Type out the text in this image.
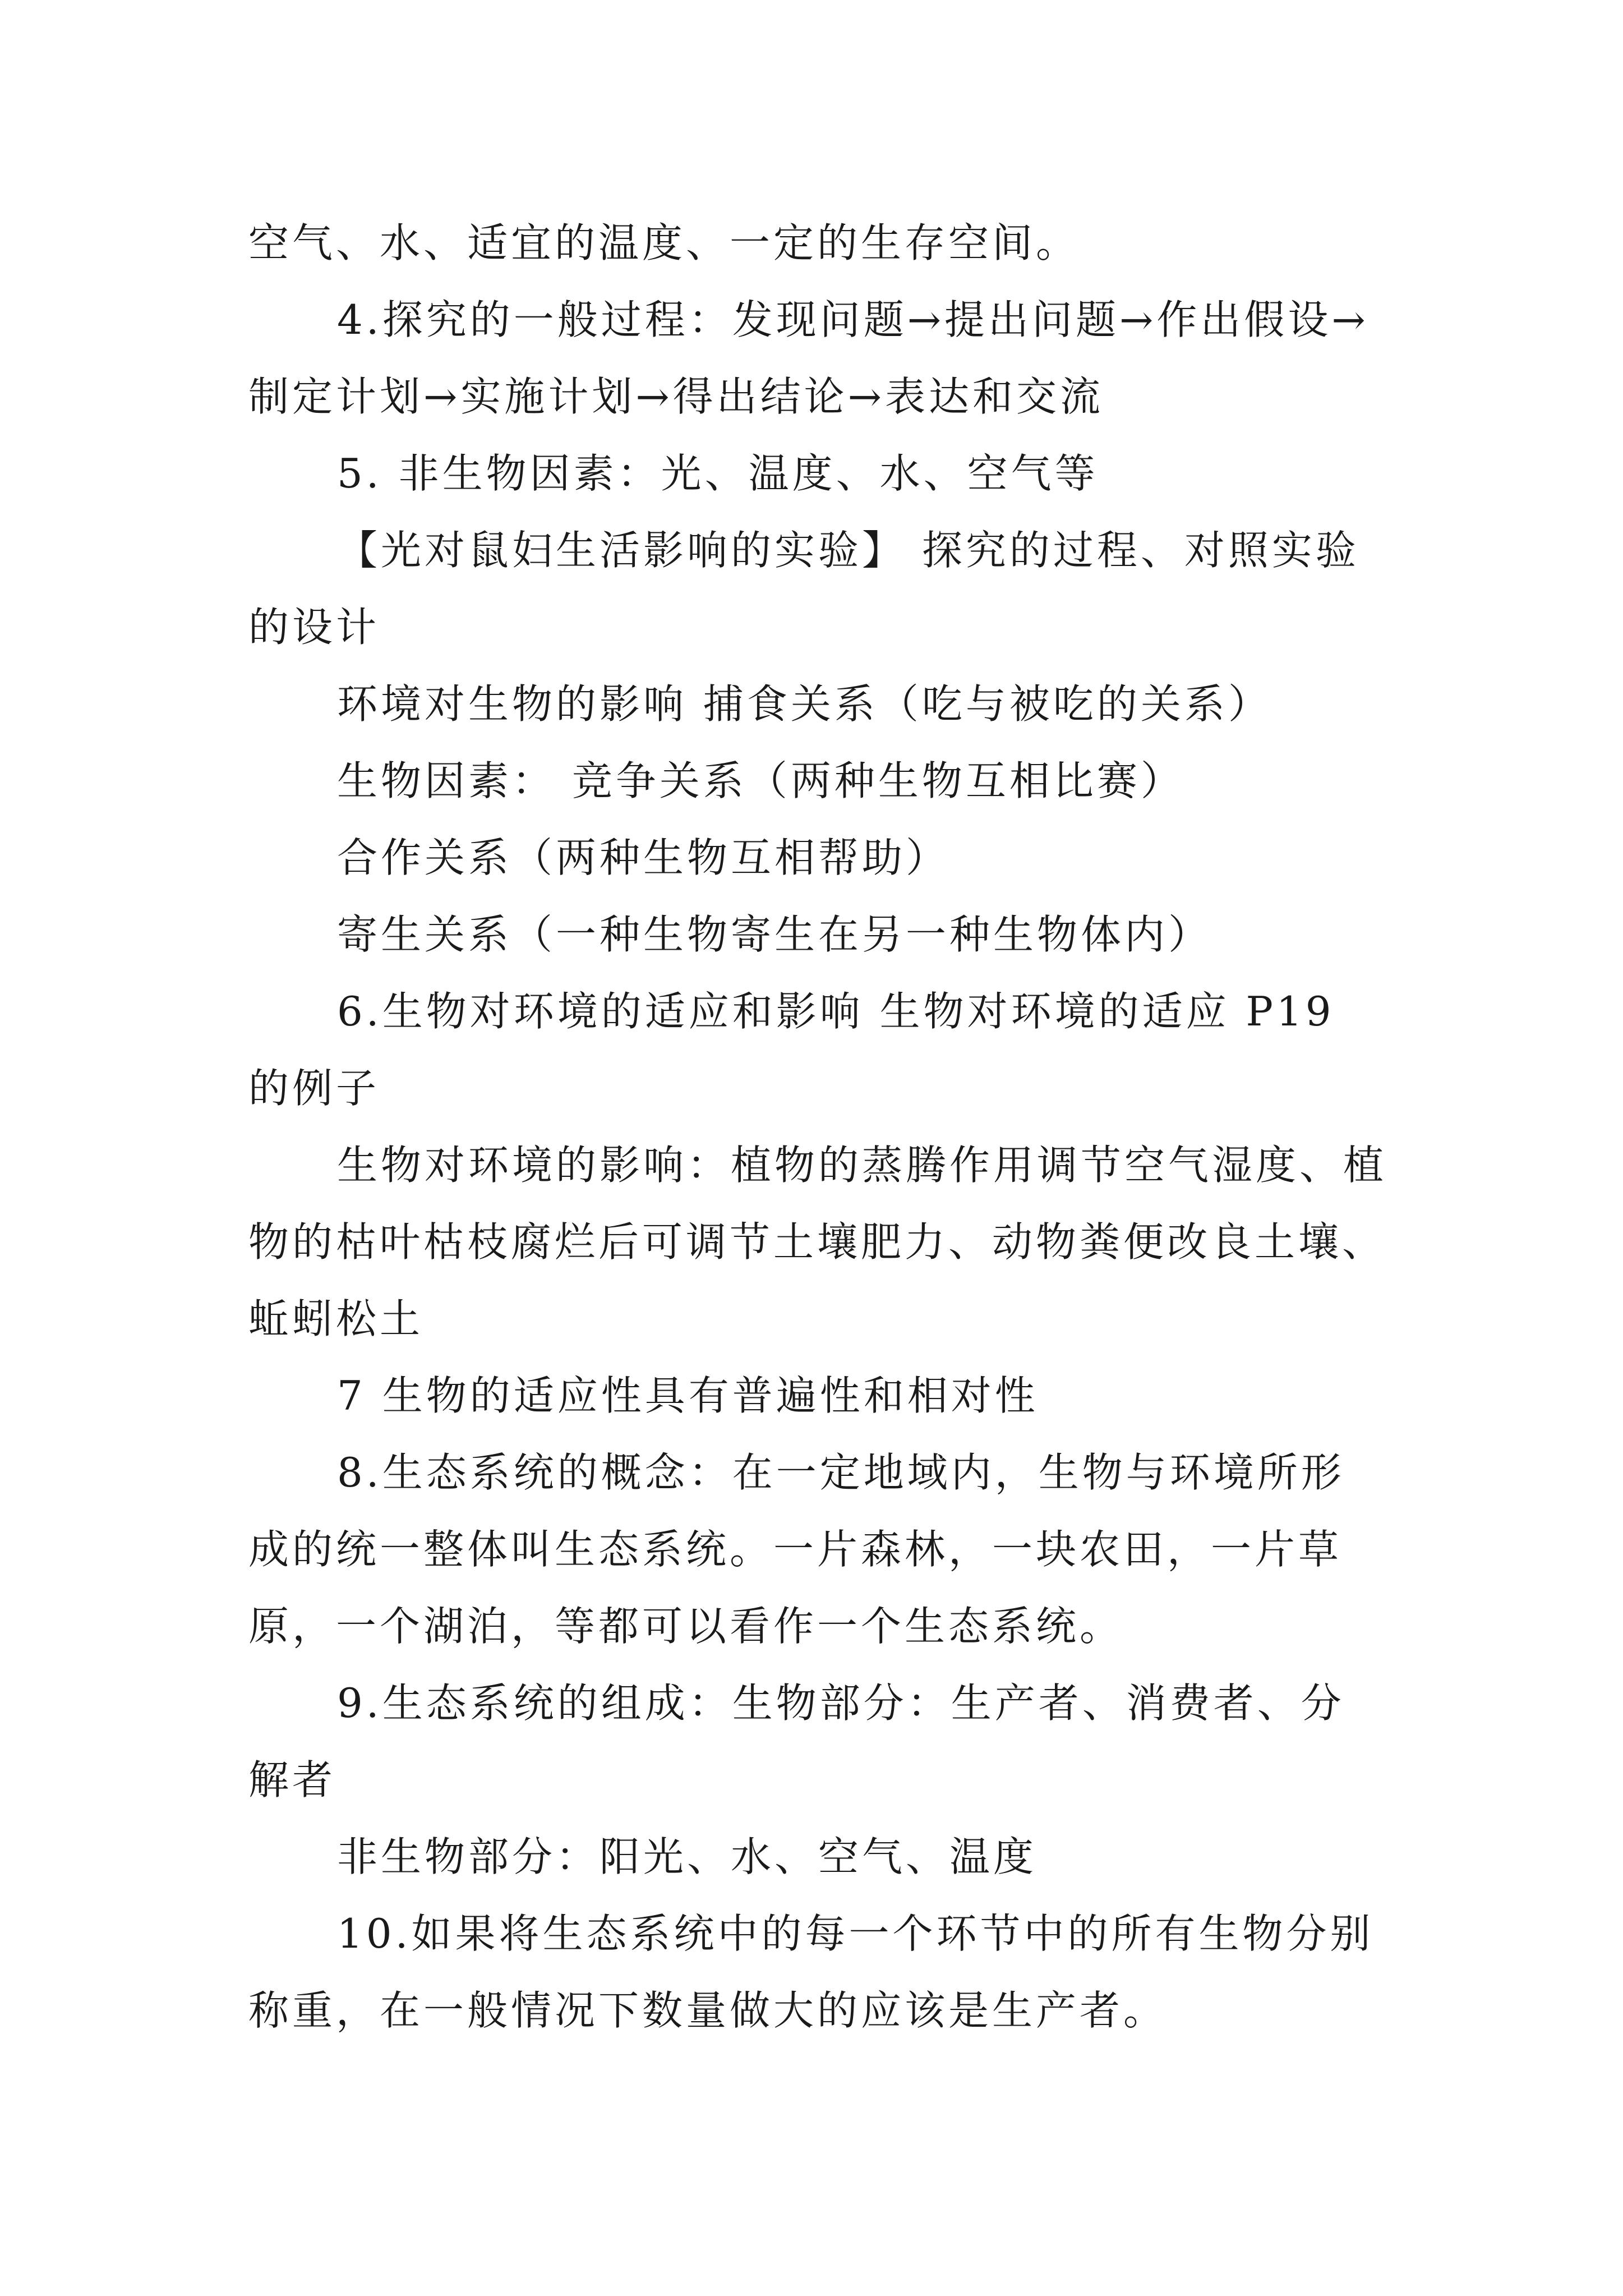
空气、水、适宜的温度、一定的生存空间。

4.探究的一般过程：发现问题→提出问题→作出假设→制定计划→实施计划→得出结论→表达和交流

5. 非生物因素：光、温度、水、空气等

【光对鼠妇生活影响的实验】 探究的过程、对照实验的设计

环境对生物的影响 捕食关系（吃与被吃的关系）

生物因素： 竞争关系（两种生物互相比赛）

合作关系（两种生物互相帮助）

寄生关系（一种生物寄生在另一种生物体内）

6.生物对环境的适应和影响 生物对环境的适应 P19 的例子

生物对环境的影响：植物的蒸腾作用调节空气湿度、植物的枯叶枯枝腐烂后可调节土壤肥力、动物粪便改良土壤、蚯蚓松土

7 生物的适应性具有普遍性和相对性

8.生态系统的概念：在一定地域内，生物与环境所形成的统一整体叫生态系统。一片森林，一块农田，一片草原，一个湖泊，等都可以看作一个生态系统。

9.生态系统的组成：生物部分：生产者、消费者、分解者

非生物部分：阳光、水、空气、温度

10.如果将生态系统中的每一个环节中的所有生物分别称重，在一般情况下数量做大的应该是生产者。
